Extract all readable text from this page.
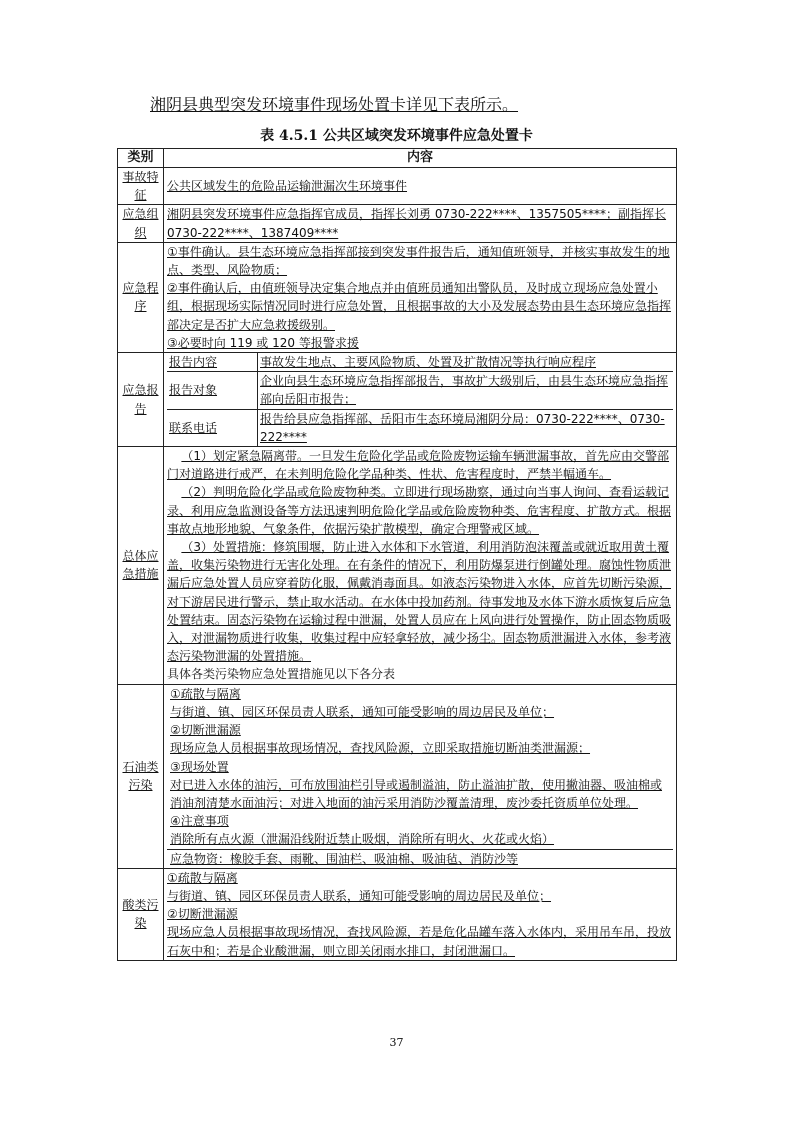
湘阴县典型突发环境事件现场处置卡详见下表所示。
表 4.5.1 公共区域突发环境事件应急处置卡
类别	内容
事故特征	
公共区域发生的危险品运输泄漏次生环境事件

应急组织	
湘阴县突发环境事件应急指挥官成员，指挥长刘勇 0730-222****、1357505****；副指挥长 0730-222****、1387409****

应急程序	
①事件确认。县生态环境应急指挥部接到突发事件报告后，通知值班领导，并核实事故发生的地点、类型、风险物质；
②事件确认后，由值班领导决定集合地点并由值班员通知出警队员，及时成立现场应急处置小组，根据现场实际情况同时进行应急处置，且根据事故的大小及发展态势由县生态环境应急指挥部决定是否扩大应急救援级别。
③必要时向 119 或 120 等报警求援

应急报告	
报告内容	事故发生地点、主要风险物质、处置及扩散情况等执行响应程序

报告对象	
企业向县生态环境应急指挥部报告，事故扩大级别后，由县生态环境应急指挥部向岳阳市报告；

联系电话	
报告给县应急指挥部、岳阳市生态环境局湘阴分局：0730-222****、0730-222****

总体应急措施	
（1）划定紧急隔离带。一旦发生危险化学品或危险废物运输车辆泄漏事故，首先应由交警部门对道路进行戒严，在未判明危险化学品种类、性状、危害程度时，严禁半幅通车。
（2）判明危险化学品或危险废物种类。立即进行现场勘察，通过向当事人询问、查看运载记录、利用应急监测设备等方法迅速判明危险化学品或危险废物种类、危害程度、扩散方式。根据事故点地形地貌、气象条件，依据污染扩散模型，确定合理警戒区域。
（3）处置措施：修筑围堰，防止进入水体和下水管道，利用消防泡沫覆盖或就近取用黄土覆盖，收集污染物进行无害化处理。在有条件的情况下，利用防爆泵进行倒罐处理。腐蚀性物质泄漏后应急处置人员应穿着防化服，佩戴消毒面具。如液态污染物进入水体，应首先切断污染源，对下游居民进行警示，禁止取水活动。在水体中投加药剂。待事发地及水体下游水质恢复后应急处置结束。固态污染物在运输过程中泄漏，处置人员应在上风向进行处置操作，防止固态物质吸入，对泄漏物质进行收集，收集过程中应轻拿轻放，减少扬尘。固态物质泄漏进入水体，参考液态污染物泄漏的处置措施。
具体各类污染物应急处置措施见以下各分表

石油类污染	
①疏散与隔离
与街道、镇、园区环保员责人联系，通知可能受影响的周边居民及单位；
②切断泄漏源
现场应急人员根据事故现场情况，查找风险源，立即采取措施切断油类泄漏源；
③现场处置
对已进入水体的油污，可布放围油栏引导或遏制溢油，防止溢油扩散，使用撇油器、吸油棉或消油剂清楚水面油污；对进入地面的油污采用消防沙覆盖清理，废沙委托资质单位处理。
④注意事项
消除所有点火源（泄漏沿线附近禁止吸烟，消除所有明火、火花或火焰）
应急物资：橡胶手套、雨靴、围油栏、吸油棉、吸油毡、消防沙等

酸类污染	
①疏散与隔离
与街道、镇、园区环保员责人联系，通知可能受影响的周边居民及单位；
②切断泄漏源
现场应急人员根据事故现场情况，查找风险源，若是危化品罐车落入水体内，采用吊车吊，投放石灰中和；若是企业酸泄漏，则立即关闭雨水排口，封闭泄漏口。
37
